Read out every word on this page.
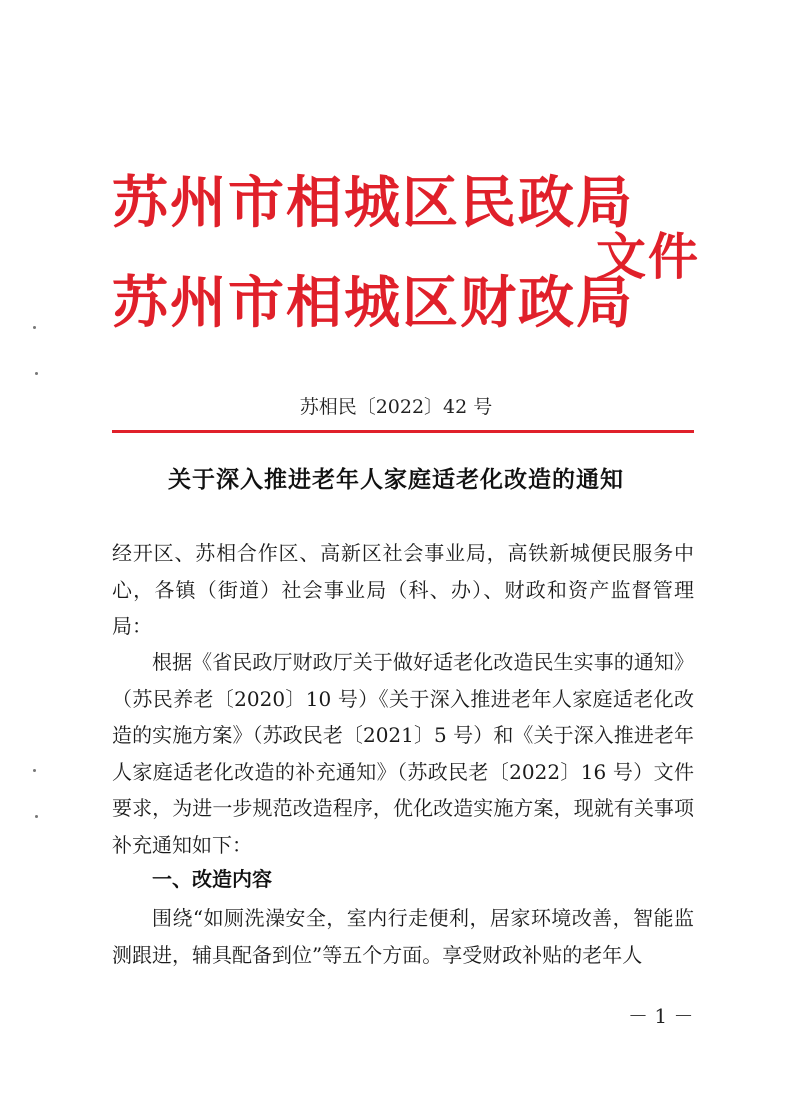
苏州市相城区民政局
苏州市相城区财政局
文件
苏相民〔2022〕42 号
关于深入推进老年人家庭适老化改造的通知
经开区、苏相合作区、高新区社会事业局，高铁新城便民服务中心，各镇（街道）社会事业局（科、办）、财政和资产监督管理局：
根据《省民政厅财政厅关于做好适老化改造民生实事的通知》（苏民养老〔2020〕10 号）《关于深入推进老年人家庭适老化改造的实施方案》（苏政民老〔2021〕5 号）和《关于深入推进老年人家庭适老化改造的补充通知》（苏政民老〔2022〕16 号）文件要求，为进一步规范改造程序，优化改造实施方案，现就有关事项补充通知如下：
一、改造内容
围绕“如厕洗澡安全，室内行走便利，居家环境改善，智能监测跟进，辅具配备到位”等五个方面。享受财政补贴的老年人
－ 1 －
